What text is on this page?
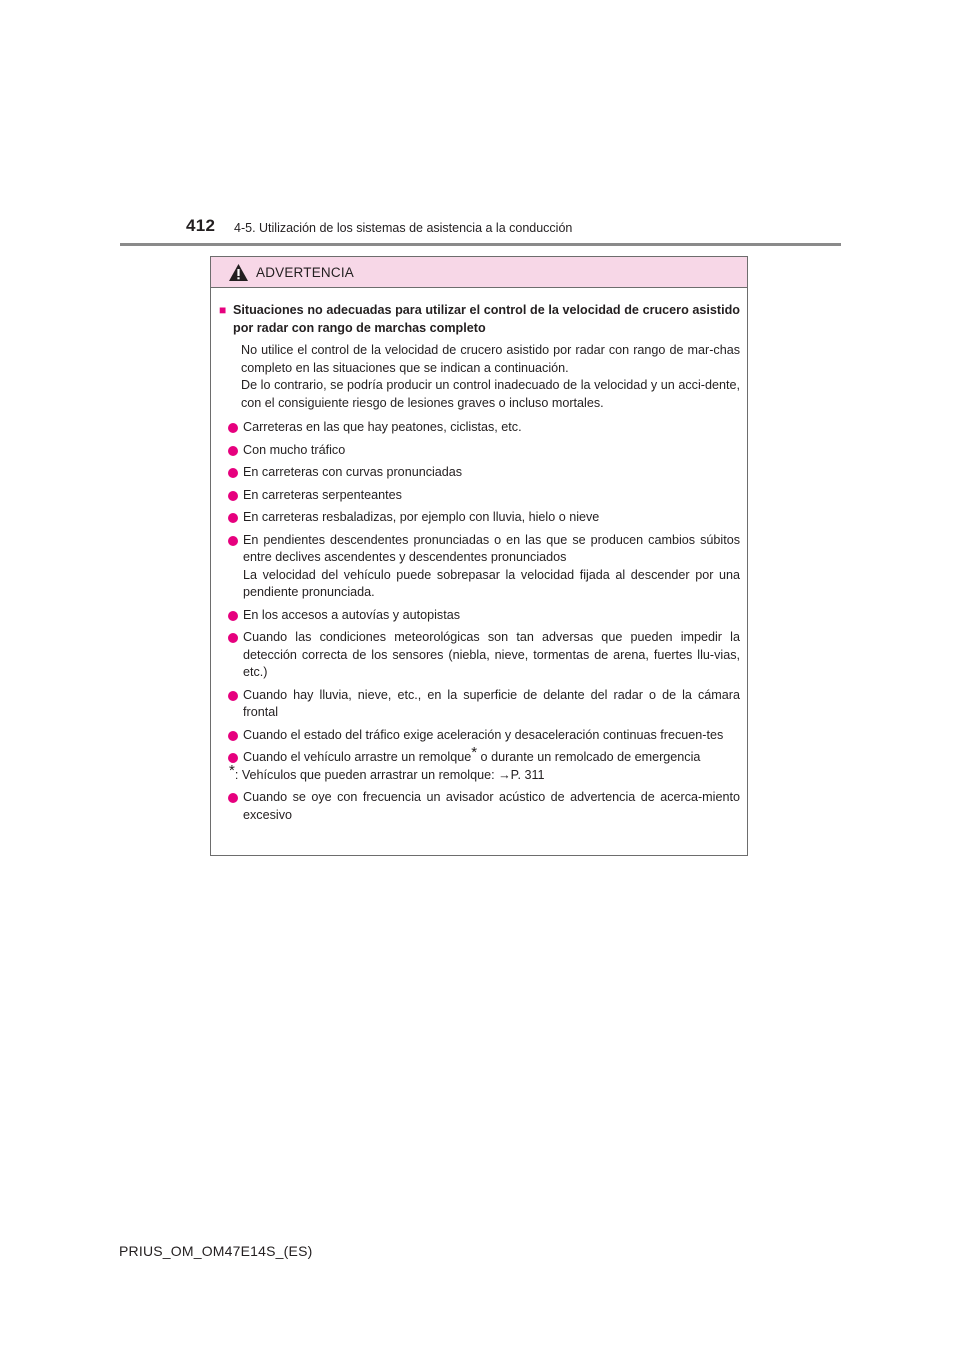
412 4-5. Utilización de los sistemas de asistencia a la conducción
ADVERTENCIA
■ Situaciones no adecuadas para utilizar el control de la velocidad de crucero asistido por radar con rango de marchas completo

No utilice el control de la velocidad de crucero asistido por radar con rango de mar-chas completo en las situaciones que se indican a continuación.

De lo contrario, se podría producir un control inadecuado de la velocidad y un acci-dente, con el consiguiente riesgo de lesiones graves o incluso mortales.

Carreteras en las que hay peatones, ciclistas, etc.
Con mucho tráfico
En carreteras con curvas pronunciadas
En carreteras serpenteantes
En carreteras resbaladizas, por ejemplo con lluvia, hielo o nieve

En pendientes descendentes pronunciadas o en las que se producen cambios súbitos entre declives ascendentes y descendentes pronunciados

La velocidad del vehículo puede sobrepasar la velocidad fijada al descender por una pendiente pronunciada.

En los accesos a autovías y autopistas
Cuando las condiciones meteorológicas son tan adversas que pueden impedir la detección correcta de los sensores (niebla, nieve, tormentas de arena, fuertes llu-vias, etc.)
Cuando hay lluvia, nieve, etc., en la superficie de delante del radar o de la cámara frontal
Cuando el estado del tráfico exige aceleración y desaceleración continuas frecuen-tes

Cuando el vehículo arrastre un remolque* o durante un remolcado de emergencia

*: Vehículos que pueden arrastrar un remolque: →P. 311

Cuando se oye con frecuencia un avisador acústico de advertencia de acerca-miento excesivo
PRIUS_OM_OM47E14S_(ES)
